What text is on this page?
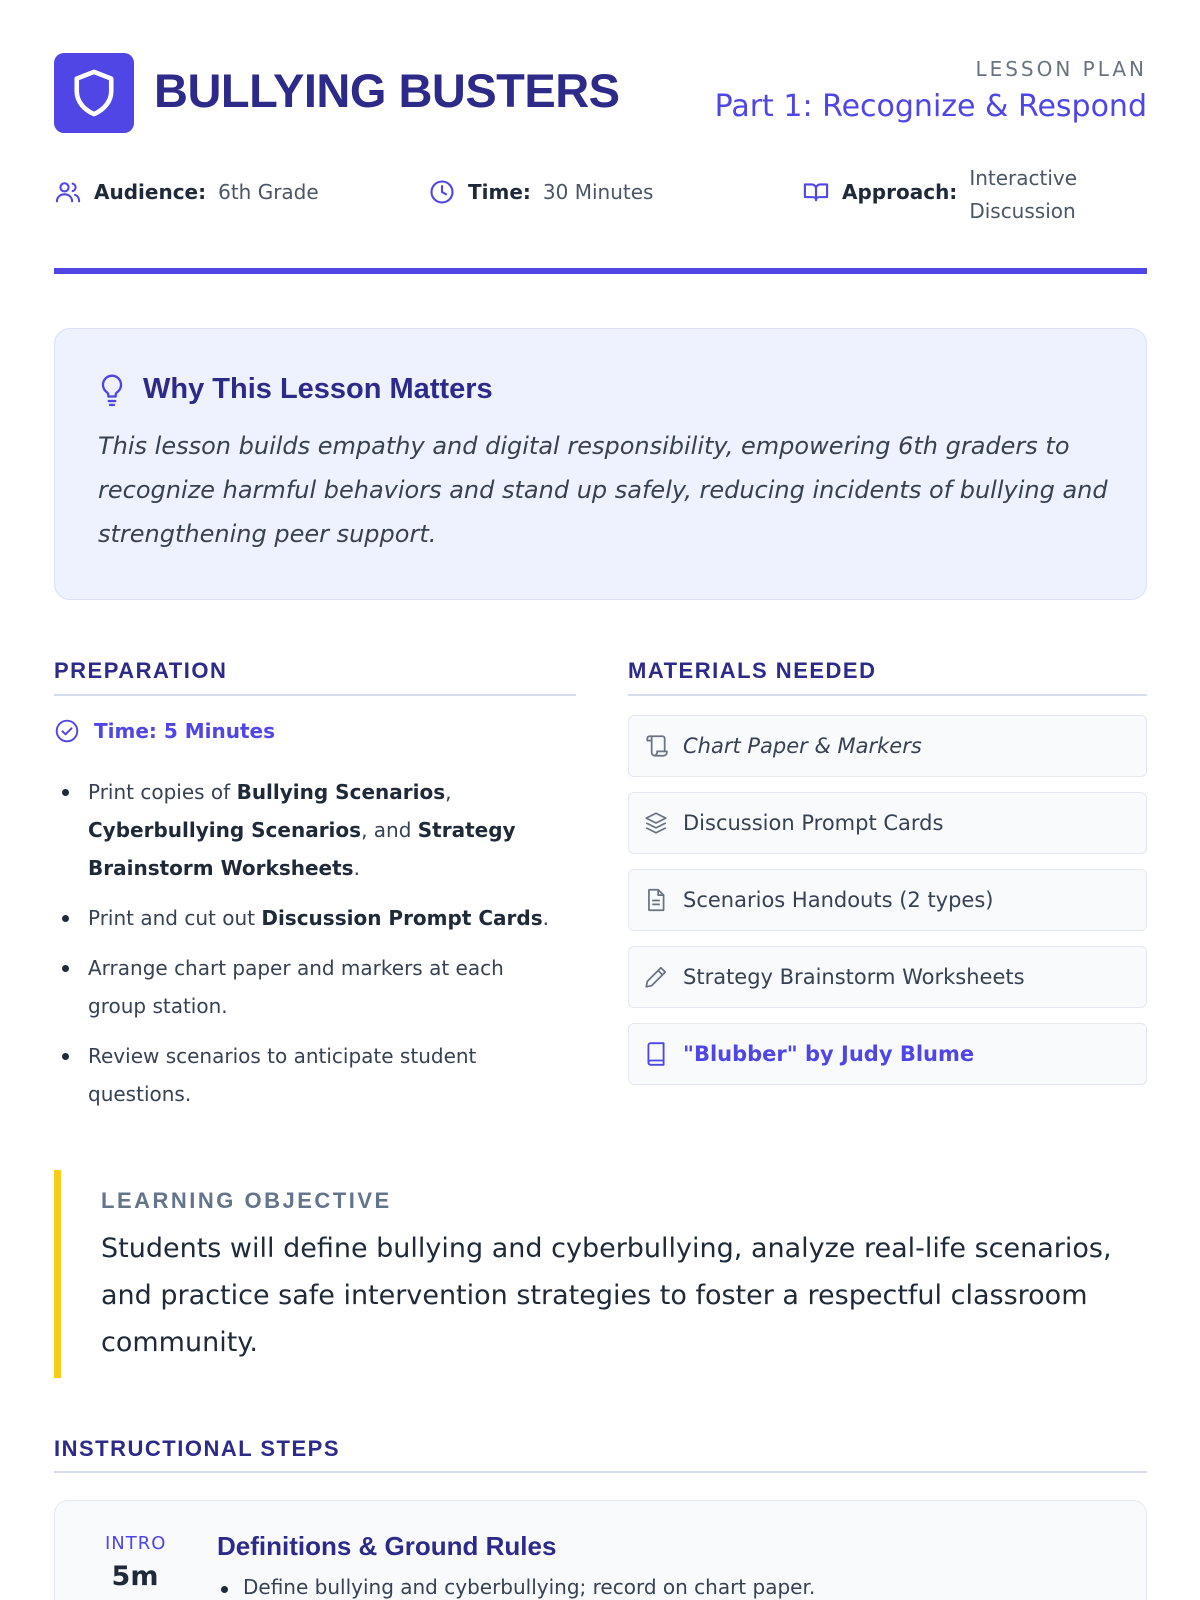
BULLYING BUSTERS	LESSON PLAN
Part 1: Recognize & Respond
Audience: 6th Grade	Time: 30 Minutes	Approach:
Interactive Discussion
Why This Lesson Matters
This lesson builds empathy and digital responsibility, empowering 6th graders to recognize harmful behaviors and stand up safely, reducing incidents of bullying and strengthening peer support.
PREPARATION
Time: 5 Minutes
Print copies of Bullying Scenarios, Cyberbullying Scenarios, and Strategy Brainstorm Worksheets.
Print and cut out Discussion Prompt Cards.
Arrange chart paper and markers at each group station.
Review scenarios to anticipate student questions.
MATERIALS NEEDED
Chart Paper & Markers
Discussion Prompt Cards
Scenarios Handouts (2 types)
Strategy Brainstorm Worksheets
"Blubber" by Judy Blume
LEARNING OBJECTIVE
Students will define bullying and cyberbullying, analyze real-life scenarios, and practice safe intervention strategies to foster a respectful classroom community.
INSTRUCTIONAL STEPS
INTRO
5m
Definitions & Ground Rules
Define bullying and cyberbullying; record on chart paper.
